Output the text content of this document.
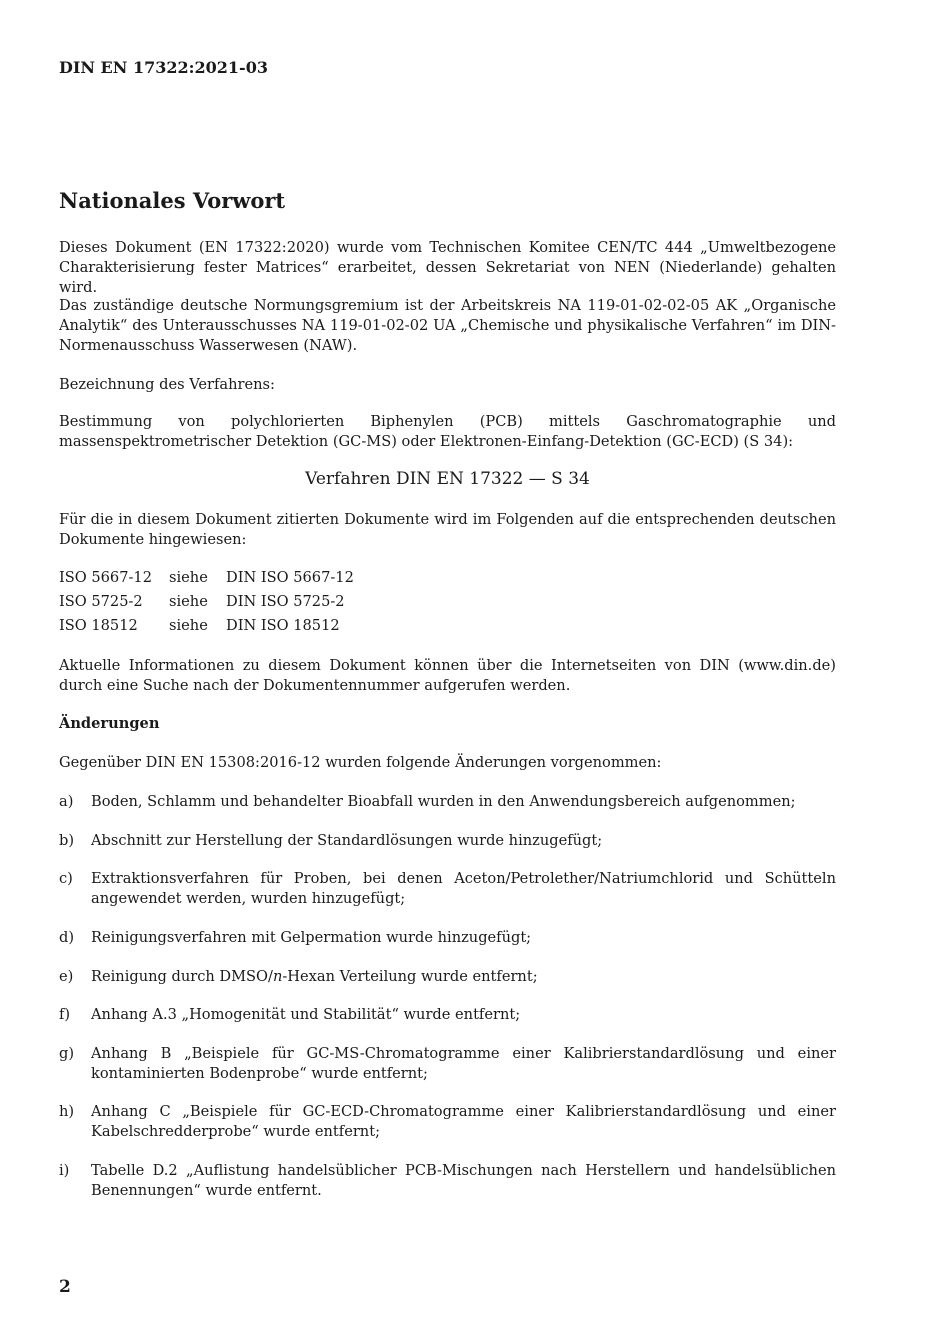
DIN EN 17322:2021-03
Nationales Vorwort
Dieses Dokument (EN 17322:2020) wurde vom Technischen Komitee CEN/TC 444 „Umweltbezogene Charakterisierung fester Matrices“ erarbeitet, dessen Sekretariat von NEN (Niederlande) gehalten wird.
Das zuständige deutsche Normungsgremium ist der Arbeitskreis NA 119-01-02-02-05 AK „Organische Analytik“ des Unterausschusses NA 119-01-02-02 UA „Chemische und physikalische Verfahren“ im DIN-Normenausschuss Wasserwesen (NAW).
Bezeichnung des Verfahrens:
Bestimmung von polychlorierten Biphenylen (PCB) mittels Gaschromatographie und massenspektrometrischer Detektion (GC-MS) oder Elektronen-Einfang-Detektion (GC-ECD) (S 34):
Verfahren DIN EN 17322 — S 34
Für die in diesem Dokument zitierten Dokumente wird im Folgenden auf die entsprechenden deutschen Dokumente hingewiesen:
ISO 5667-12 siehe DIN ISO 5667-12
ISO 5725-2 siehe DIN ISO 5725-2
ISO 18512 siehe DIN ISO 18512
Aktuelle Informationen zu diesem Dokument können über die Internetseiten von DIN (www.din.de) durch eine Suche nach der Dokumentennummer aufgerufen werden.
Änderungen
Gegenüber DIN EN 15308:2016-12 wurden folgende Änderungen vorgenommen:
a) Boden, Schlamm und behandelter Bioabfall wurden in den Anwendungsbereich aufgenommen;
b) Abschnitt zur Herstellung der Standardlösungen wurde hinzugefügt;
c) Extraktionsverfahren für Proben, bei denen Aceton/Petrolether/Natriumchlorid und Schütteln angewendet werden, wurden hinzugefügt;
d) Reinigungsverfahren mit Gelpermation wurde hinzugefügt;
e) Reinigung durch DMSO/n-Hexan Verteilung wurde entfernt;
f) Anhang A.3 „Homogenität und Stabilität“ wurde entfernt;
g) Anhang B „Beispiele für GC-MS-Chromatogramme einer Kalibrierstandardlösung und einer kontaminierten Bodenprobe“ wurde entfernt;
h) Anhang C „Beispiele für GC-ECD-Chromatogramme einer Kalibrierstandardlösung und einer Kabelschredderprobe“ wurde entfernt;
i) Tabelle D.2 „Auflistung handelsüblicher PCB-Mischungen nach Herstellern und handelsüblichen Benennungen“ wurde entfernt.
2
